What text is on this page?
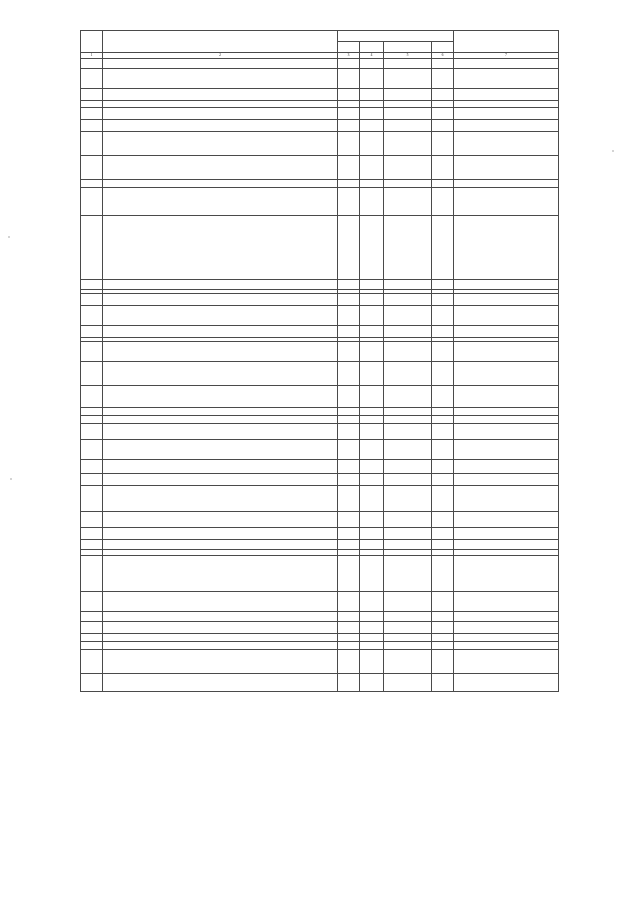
1	2	3	4	5	6	7
